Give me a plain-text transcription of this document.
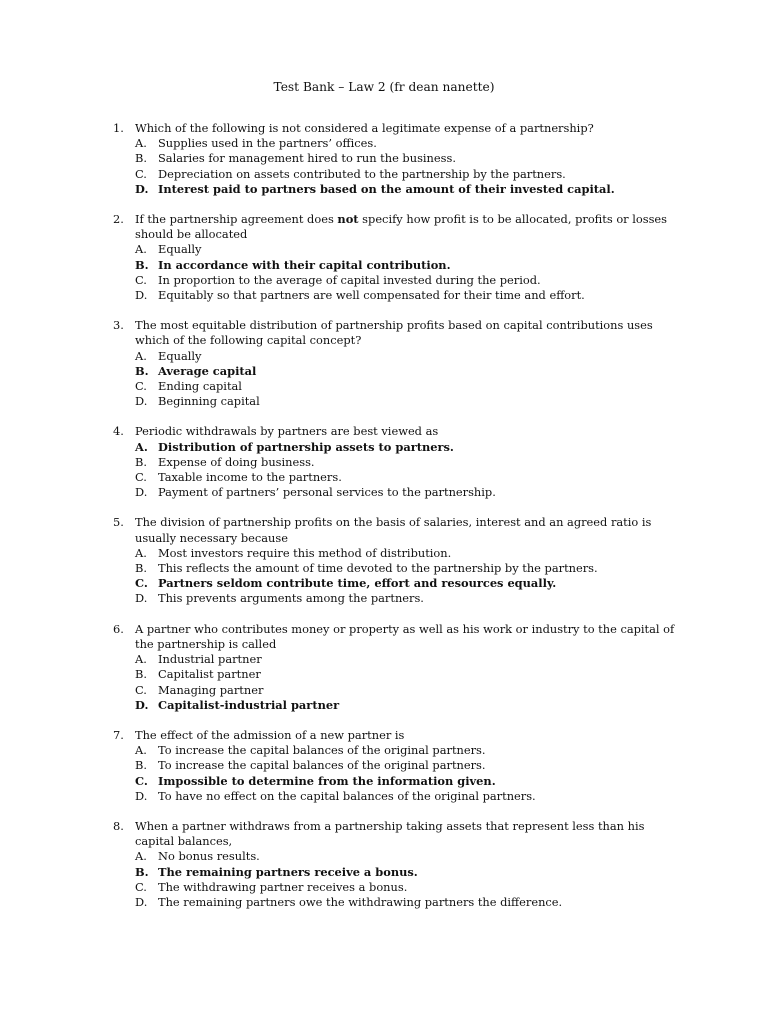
Test Bank – Law 2 (fr dean nanette)
1. Which of the following is not considered a legitimate expense of a partnership?

A. Supplies used in the partners’ offices.
B. Salaries for management hired to run the business.
C. Depreciation on assets contributed to the partnership by the partners.
D. Interest paid to partners based on the amount of their invested capital.
2. If the partnership agreement does not specify how profit is to be allocated, profits or losses should be allocated

A. Equally
B. In accordance with their capital contribution.
C. In proportion to the average of capital invested during the period.
D. Equitably so that partners are well compensated for their time and effort.
3. The most equitable distribution of partnership profits based on capital contributions uses which of the following capital concept?

A. Equally
B. Average capital
C. Ending capital
D. Beginning capital
4. Periodic withdrawals by partners are best viewed as

A. Distribution of partnership assets to partners.
B. Expense of doing business.
C. Taxable income to the partners.
D. Payment of partners’ personal services to the partnership.
5. The division of partnership profits on the basis of salaries, interest and an agreed ratio is usually necessary because

A. Most investors require this method of distribution.
B. This reflects the amount of time devoted to the partnership by the partners.
C. Partners seldom contribute time, effort and resources equally.
D. This prevents arguments among the partners.
6. A partner who contributes money or property as well as his work or industry to the capital of the partnership is called

A. Industrial partner
B. Capitalist partner
C. Managing partner
D. Capitalist-industrial partner
7. The effect of the admission of a new partner is

A. To increase the capital balances of the original partners.
B. To increase the capital balances of the original partners.
C. Impossible to determine from the information given.
D. To have no effect on the capital balances of the original partners.
8. When a partner withdraws from a partnership taking assets that represent less than his capital balances,

A. No bonus results.
B. The remaining partners receive a bonus.
C. The withdrawing partner receives a bonus.
D. The remaining partners owe the withdrawing partners the difference.
